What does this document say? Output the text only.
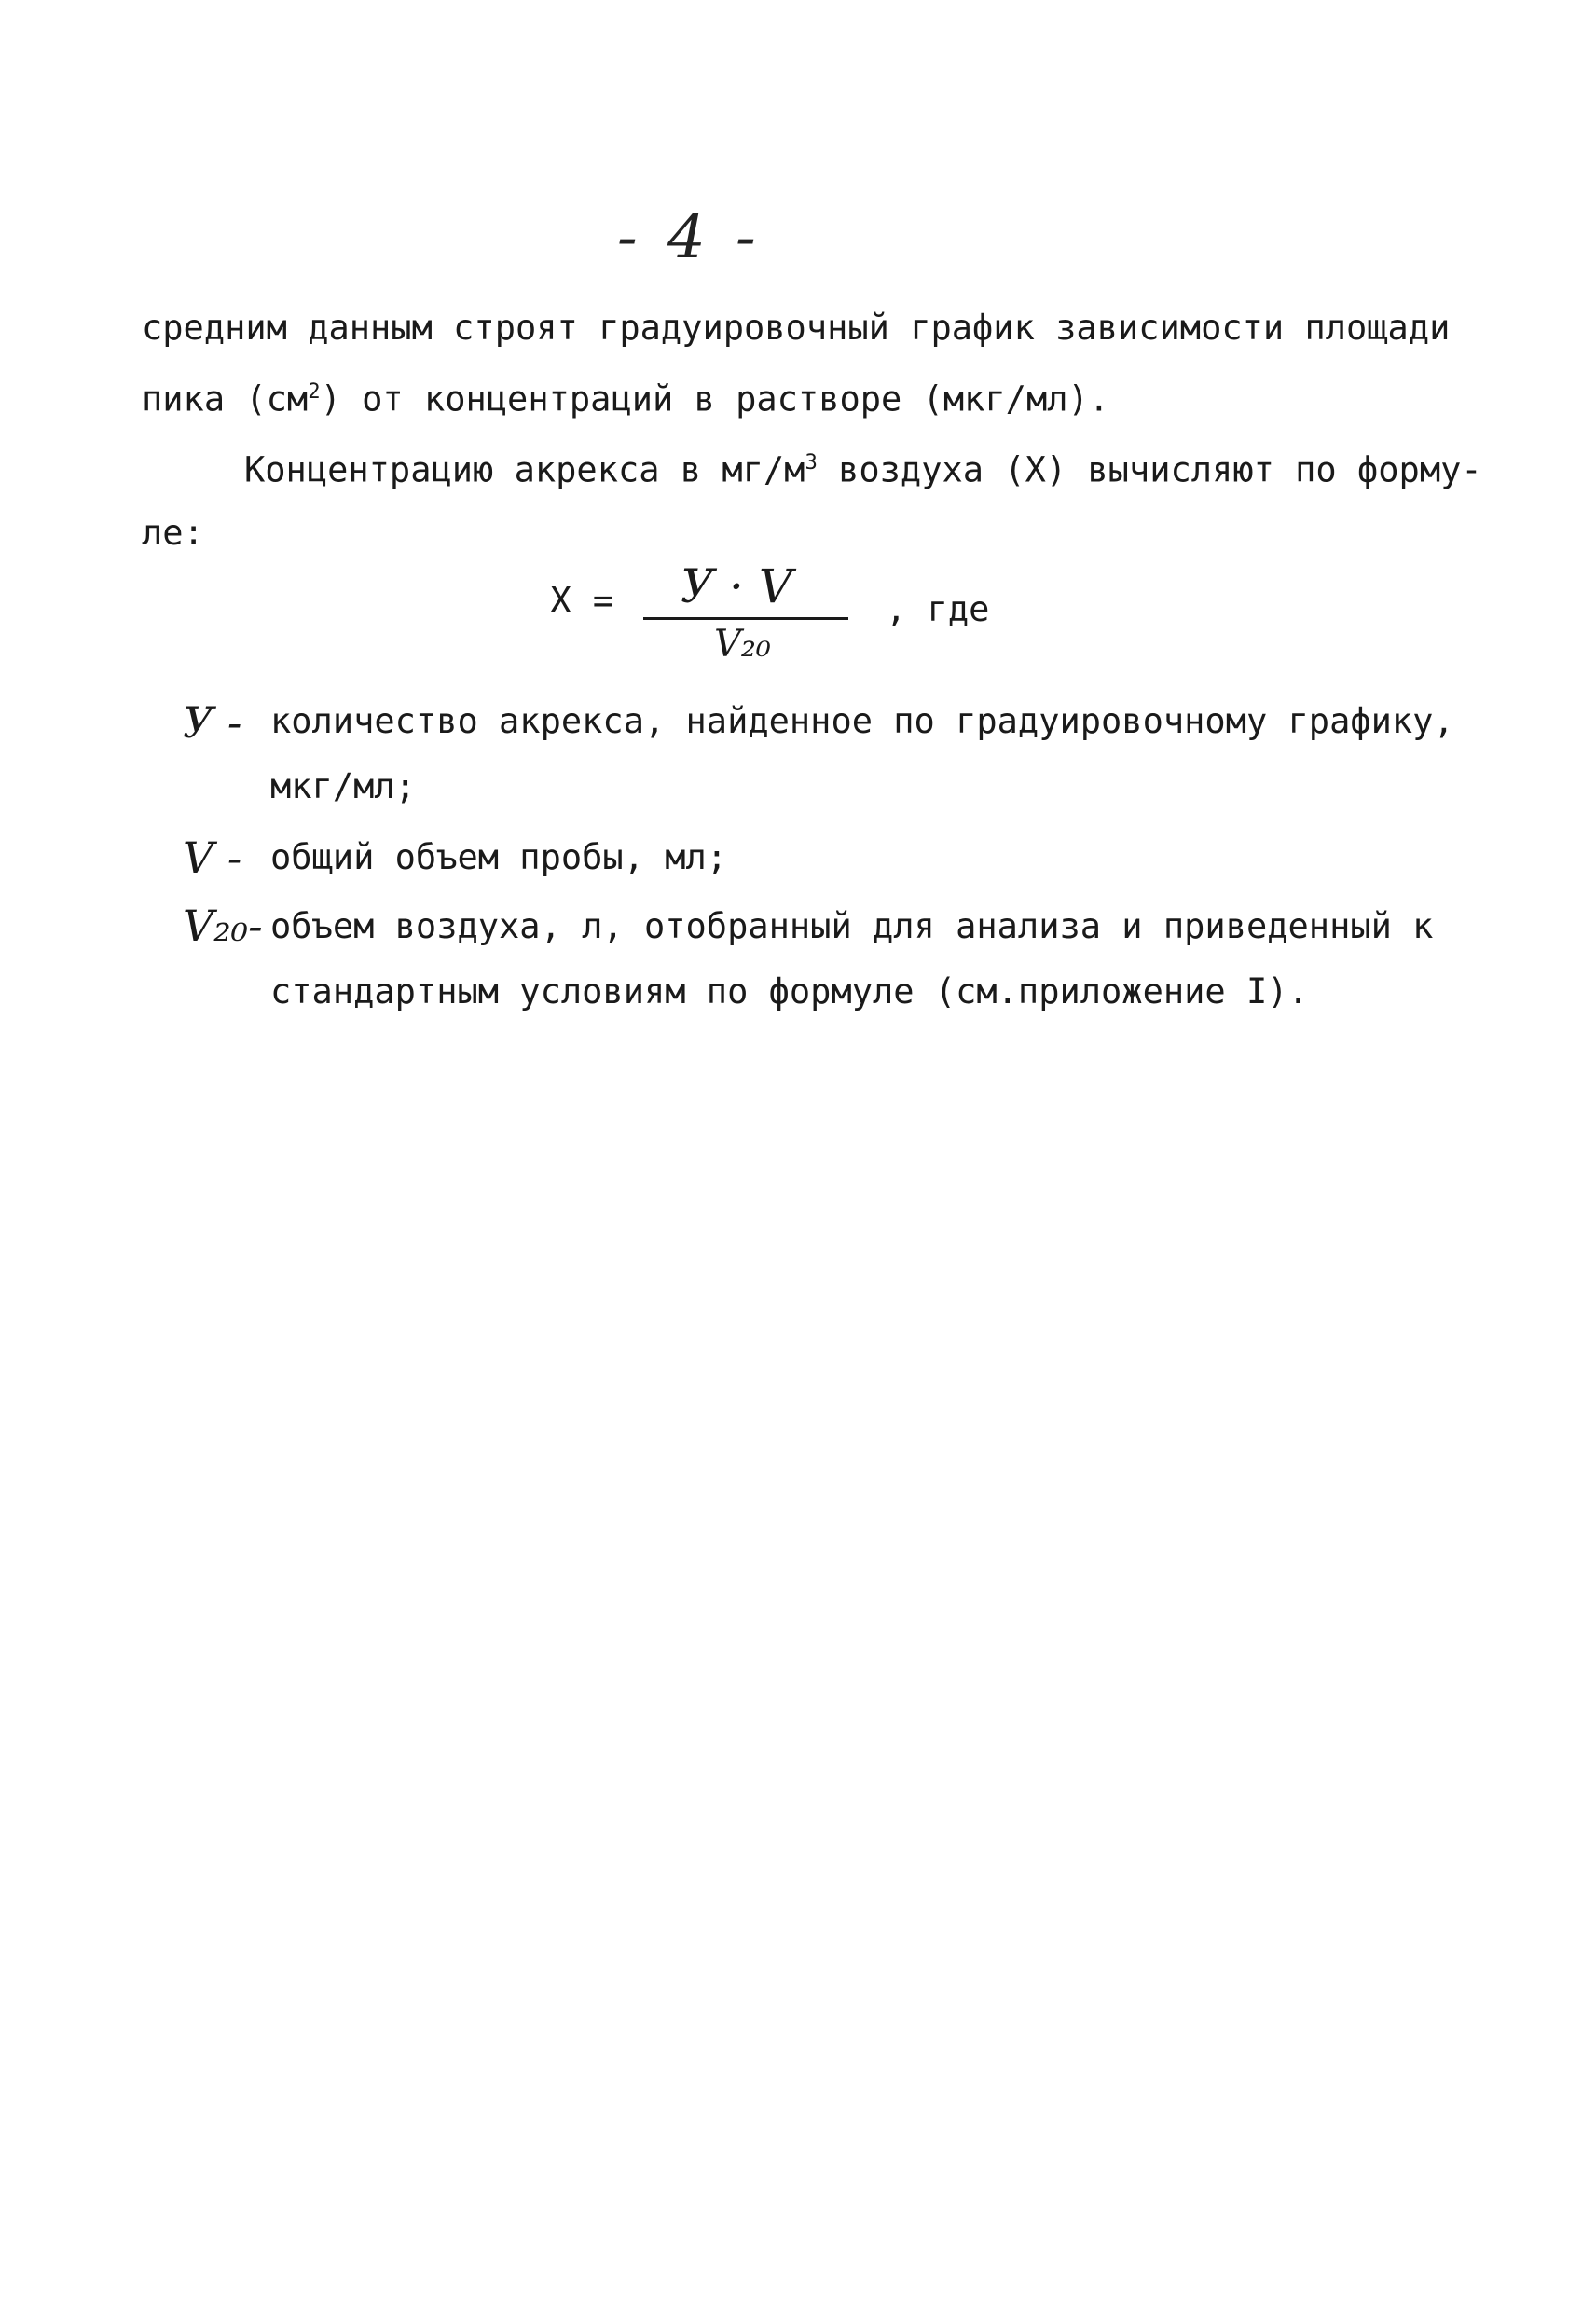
- 4 -
средним данным строят градуировочный график зависимости площади
пика $(см^2)$ от концентраций в растворе (мкг/мл).
Концентрацию акрекса в $мг/м^3$ воздуха (Х) вычисляют по форму-
ле:
Х = У · V
V₂₀
, где
У - количество акрекса, найденное по градуировочному графику,
мкг/мл;
V - общий объем пробы, мл;
V₂₀- объем воздуха, л, отобранный для анализа и приведенный к
стандартным условиям по формуле (см.приложение I).
